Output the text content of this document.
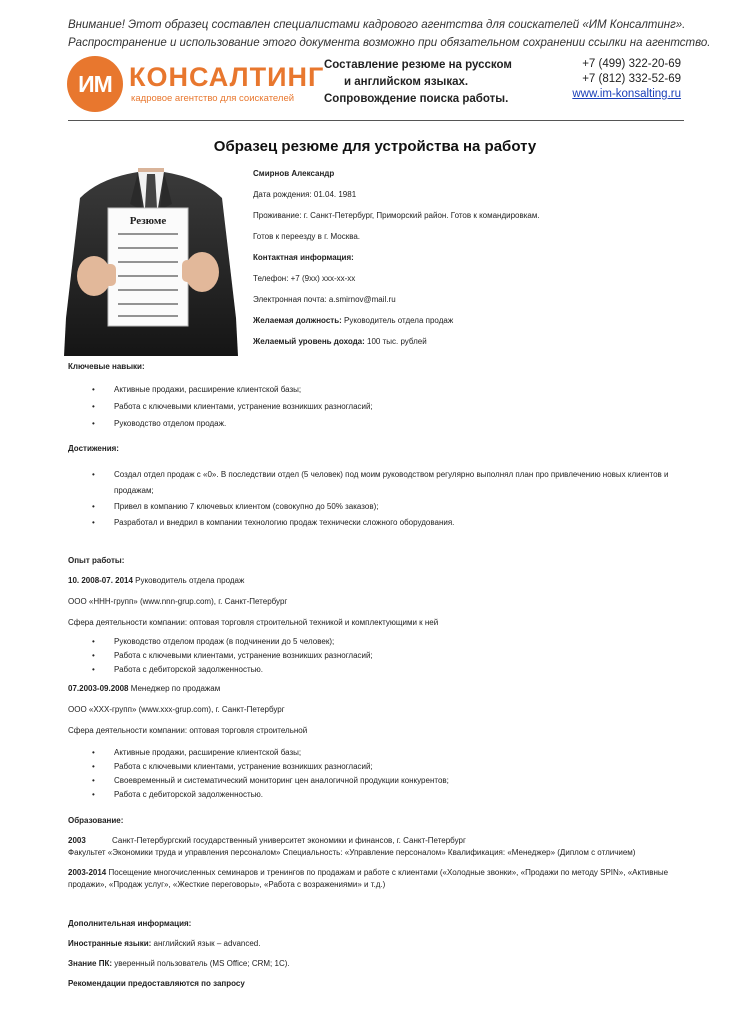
Внимание! Этот образец составлен специалистами кадрового агентства для соискателей «ИМ Консалтинг».
Распространение и использование этого документа возможно при обязательном сохранении ссылки на агентство.
ИМ КОНСАЛТИНГ
кадровое агентство для соискателей
Составление резюме на русском
и английском языках.
Сопровождение поиска работы.
+7 (499) 322-20-69
+7 (812) 332-52-69
www.im-konsalting.ru
Образец резюме для устройства на работу
Резюме
Смирнов Александр
Дата рождения: 01.04. 1981
Проживание: г. Санкт-Петербург, Приморский район. Готов к командировкам.
Готов к переезду в г. Москва.
Контактная информация:
Телефон: +7 (9xx) xxx-xx-xx
Электронная почта: a.smirnov@mail.ru
Желаемая должность: Руководитель отдела продаж
Желаемый уровень дохода: 100 тыс. рублей
Ключевые навыки:
• Активные продажи, расширение клиентской базы;
• Работа с ключевыми клиентами, устранение возникших разногласий;
• Руководство отделом продаж.
Достижения:
• Создал отдел продаж с «0». В последствии отдел (5 человек) под моим руководством регулярно выполнял план про привлечению новых клиентов и продажам;
• Привел в компанию 7 ключевых клиентом (совокупно до 50% заказов);
• Разработал и внедрил в компании технологию продаж технически сложного оборудования.
Опыт работы:
10. 2008-07. 2014 Руководитель отдела продаж
ООО «ННН-групп» (www.nnn-grup.com), г. Санкт-Петербург
Сфера деятельности компании: оптовая торговля строительной техникой и комплектующими к ней
• Руководство отделом продаж (в подчинении до 5 человек);
• Работа с ключевыми клиентами, устранение возникших разногласий;
• Работа с дебиторской задолженностью.
07.2003-09.2008 Менеджер по продажам
ООО «ХХХ-групп» (www.xxx-grup.com), г. Санкт-Петербург
Сфера деятельности компании: оптовая торговля строительной
• Активные продажи, расширение клиентской базы;
• Работа с ключевыми клиентами, устранение возникших разногласий;
• Своевременный и систематический мониторинг цен аналогичной продукции конкурентов;
• Работа с дебиторской задолженностью.
Образование:
2003	Санкт-Петербургский государственный университет экономики и финансов, г. Санкт-Петербург
Факультет «Экономики труда и управления персоналом» Специальность: «Управление персоналом» Квалификация: «Менеджер» (Диплом с отличием)
2003-2014 Посещение многочисленных семинаров и тренингов по продажам и работе с клиентами («Холодные звонки», «Продажи по методу SPIN», «Активные продажи», «Продаж услуг», «Жесткие переговоры», «Работа с возражениями» и т.д.)
Дополнительная информация:
Иностранные языки: английский язык – advanced.
Знание ПК: уверенный пользователь (MS Office; CRM; 1С).
Рекомендации предоставляются по запросу
